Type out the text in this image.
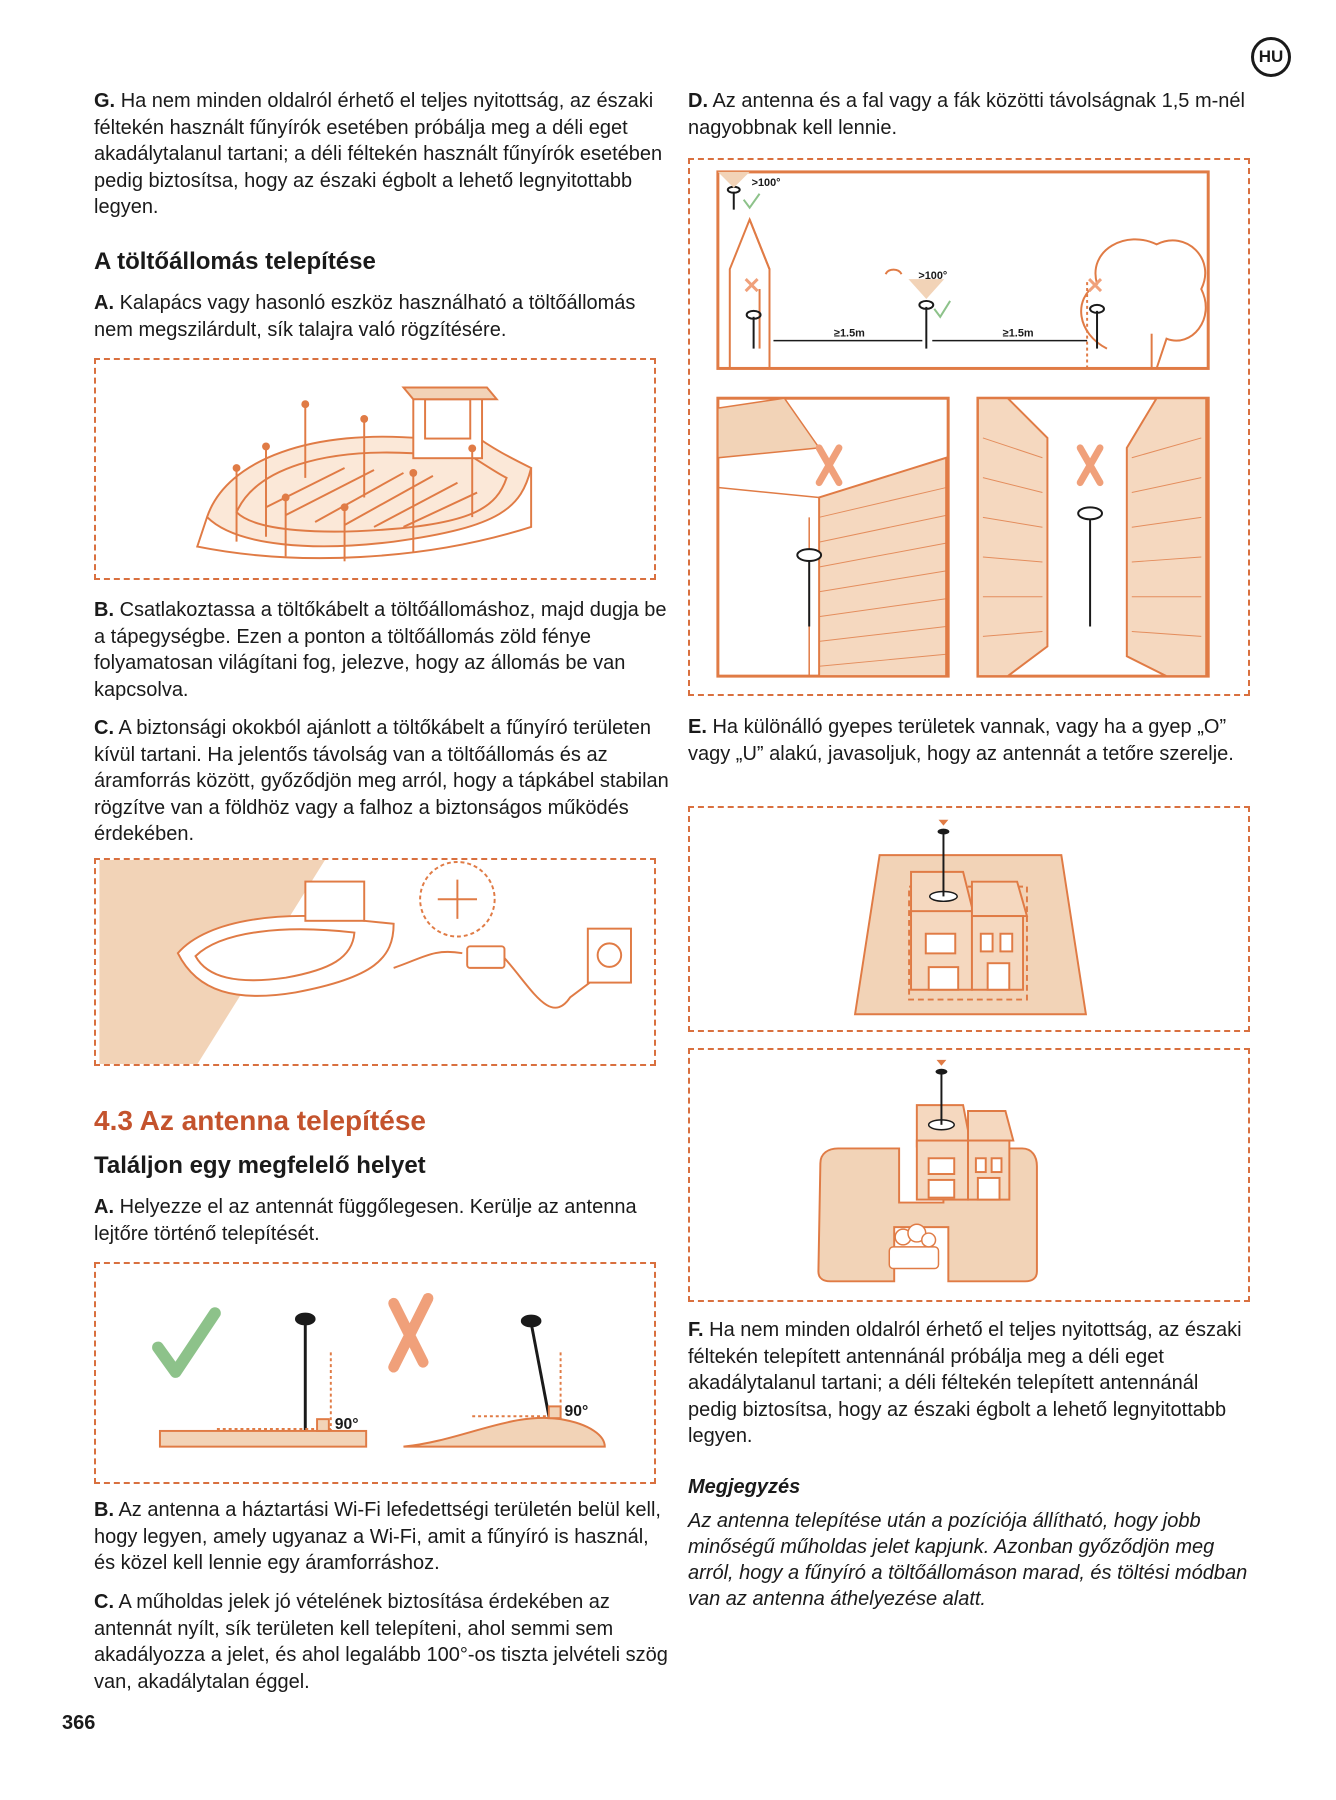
HU

G. Ha nem minden oldalról érhető el teljes nyitottság, az északi féltekén használt fűnyírók esetében próbálja meg a déli eget akadálytalanul tartani; a déli féltekén használt fűnyírók esetében pedig biztosítsa, hogy az északi égbolt a lehető legnyitottabb legyen.

A töltőállomás telepítése

A. Kalapács vagy hasonló eszköz használható a töltőállomás nem megszilárdult, sík talajra való rögzítésére.

B. Csatlakoztassa a töltőkábelt a töltőállomáshoz, majd dugja be a tápegységbe. Ezen a ponton a töltőállomás zöld fénye folyamatosan világítani fog, jelezve, hogy az állomás be van kapcsolva.

C. A biztonsági okokból ajánlott a töltőkábelt a fűnyíró területen kívül tartani. Ha jelentős távolság van a töltőállomás és az áramforrás között, győződjön meg arról, hogy a tápkábel stabilan rögzítve van a földhöz vagy a falhoz a biztonságos működés érdekében.

4.3 Az antenna telepítése
Találjon egy megfelelő helyet

A. Helyezze el az antennát függőlegesen. Kerülje az antenna lejtőre történő telepítését.

90°
90°

B. Az antenna a háztartási Wi-Fi lefedettségi területén belül kell, hogy legyen, amely ugyanaz a Wi-Fi, amit a fűnyíró is használ, és közel kell lennie egy áramforráshoz.

C. A műholdas jelek jó vételének biztosítása érdekében az antennát nyílt, sík területen kell telepíteni, ahol semmi sem akadályozza a jelet, és ahol legalább 100°-os tiszta jelvételi szög van, akadálytalan éggel.

366

D. Az antenna és a fal vagy a fák közötti távolságnak 1,5 m-nél nagyobbnak kell lennie.

>100°
>100°
≥1.5m	≥1.5m

E. Ha különálló gyepes területek vannak, vagy ha a gyep „O” vagy „U” alakú, javasoljuk, hogy az antennát a tetőre szerelje.

F. Ha nem minden oldalról érhető el teljes nyitottság, az északi féltekén telepített antennánál próbálja meg a déli eget akadálytalanul tartani; a déli féltekén telepített antennánál pedig biztosítsa, hogy az északi égbolt a lehető legnyitottabb legyen.

Megjegyzés

Az antenna telepítése után a pozíciója állítható, hogy jobb minőségű műholdas jelet kapjunk. Azonban győződjön meg arról, hogy a fűnyíró a töltőállomáson marad, és töltési módban van az antenna áthelyezése alatt.
